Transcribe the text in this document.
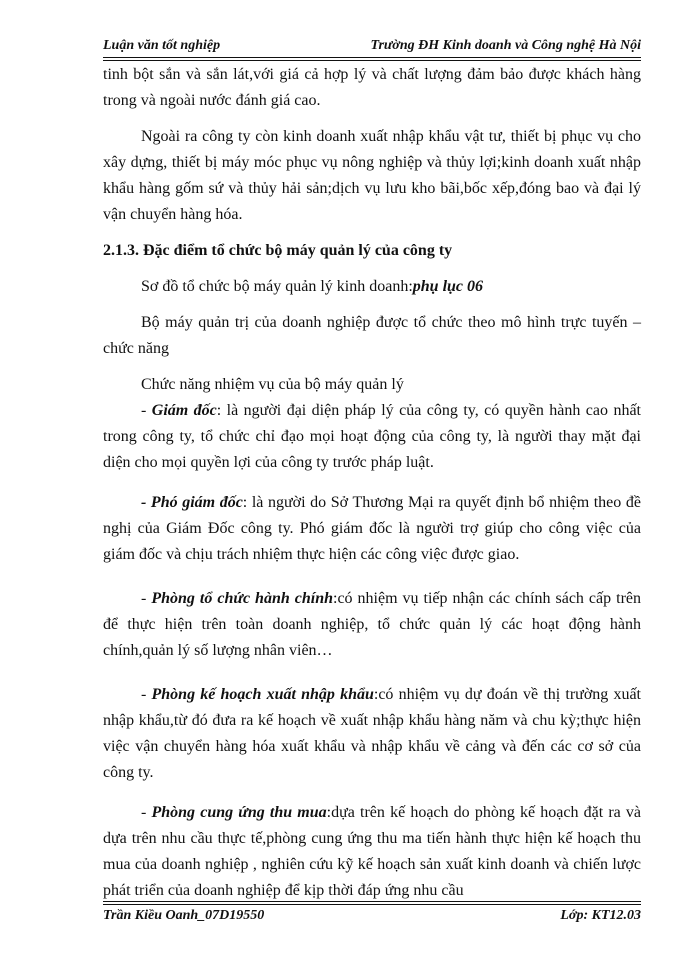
Luận văn tốt nghiệp	Trường ĐH Kinh doanh và Công nghệ Hà Nội

tinh bột sắn và sắn lát,với giá cả hợp lý và chất lượng đảm bảo được khách hàng trong và ngoài nước đánh giá cao.

Ngoài ra công ty còn kinh doanh xuất nhập khẩu vật tư, thiết bị phục vụ cho xây dựng, thiết bị máy móc phục vụ nông nghiệp và thủy lợi;kinh doanh xuất nhập khẩu hàng gốm sứ và thủy hải sản;dịch vụ lưu kho bãi,bốc xếp,đóng bao và đại lý vận chuyển hàng hóa.

2.1.3. Đặc điểm tổ chức bộ máy quản lý của công ty

Sơ đồ tổ chức bộ máy quản lý kinh doanh:phụ lục 06

Bộ máy quản trị của doanh nghiệp được tổ chức theo mô hình trực tuyến – chức năng

Chức năng nhiệm vụ của bộ máy quản lý

- Giám đốc: là người đại diện pháp lý của công ty, có quyền hành cao nhất trong công ty, tổ chức chỉ đạo mọi hoạt động của công ty, là người thay mặt đại diện cho mọi quyền lợi của công ty trước pháp luật.

- Phó giám đốc: là người do Sở Thương Mại ra quyết định bổ nhiệm theo đề nghị của Giám Đốc công ty. Phó giám đốc là người trợ giúp cho công việc của giám đốc và chịu trách nhiệm thực hiện các công việc được giao.

- Phòng tổ chức hành chính:có nhiệm vụ tiếp nhận các chính sách cấp trên để thực hiện trên toàn doanh nghiệp, tổ chức quản lý các hoạt động hành chính,quản lý số lượng nhân viên…

- Phòng kế hoạch xuất nhập khẩu:có nhiệm vụ dự đoán về thị trường xuất nhập khẩu,từ đó đưa ra kế hoạch về xuất nhập khẩu hàng năm và chu kỳ;thực hiện việc vận chuyển hàng hóa xuất khẩu và nhập khẩu về cảng và đến các cơ sở của công ty.

- Phòng cung ứng thu mua:dựa trên kế hoạch do phòng kế hoạch đặt ra và dựa trên nhu cầu thực tế,phòng cung ứng thu ma tiến hành thực hiện kế hoạch thu mua của doanh nghiệp , nghiên cứu kỹ kế hoạch sản xuất kinh doanh và chiến lược phát triển của doanh nghiệp để kịp thời đáp ứng nhu cầu

Trần Kiều Oanh_07D19550	Lớp: KT12.03
